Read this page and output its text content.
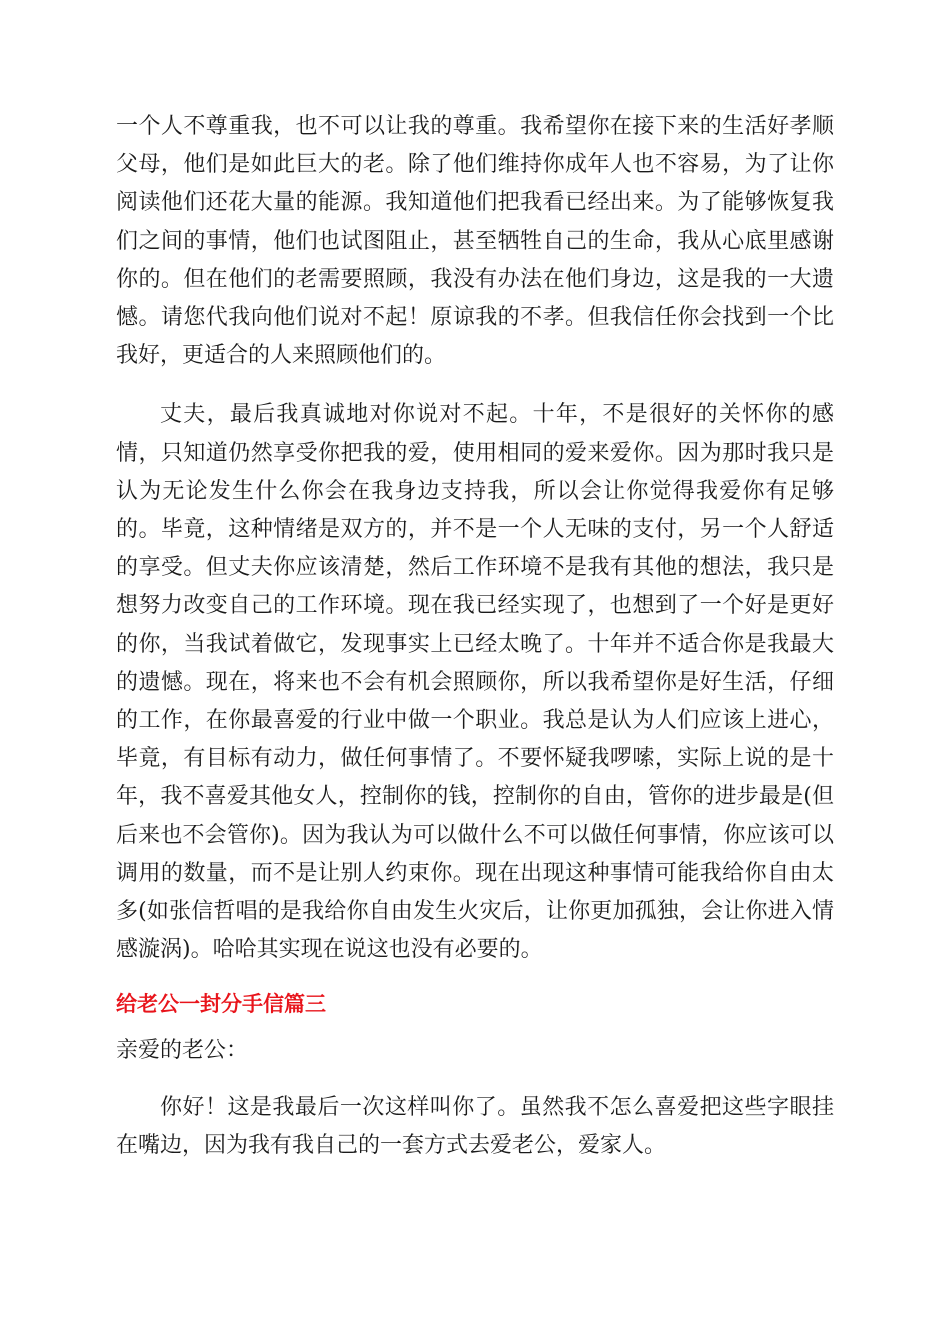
一个人不尊重我，也不可以让我的尊重。我希望你在接下来的生活好孝顺父母，他们是如此巨大的老。除了他们维持你成年人也不容易，为了让你阅读他们还花大量的能源。我知道他们把我看已经出来。为了能够恢复我们之间的事情，他们也试图阻止，甚至牺牲自己的生命，我从心底里感谢你的。但在他们的老需要照顾，我没有办法在他们身边，这是我的一大遗憾。请您代我向他们说对不起！原谅我的不孝。但我信任你会找到一个比我好，更适合的人来照顾他们的。

丈夫，最后我真诚地对你说对不起。十年，不是很好的关怀你的感情，只知道仍然享受你把我的爱，使用相同的爱来爱你。因为那时我只是认为无论发生什么你会在我身边支持我，所以会让你觉得我爱你有足够的。毕竟，这种情绪是双方的，并不是一个人无味的支付，另一个人舒适的享受。但丈夫你应该清楚，然后工作环境不是我有其他的想法，我只是想努力改变自己的工作环境。现在我已经实现了，也想到了一个好是更好的你，当我试着做它，发现事实上已经太晚了。十年并不适合你是我最大的遗憾。现在，将来也不会有机会照顾你，所以我希望你是好生活，仔细的工作，在你最喜爱的行业中做一个职业。我总是认为人们应该上进心，毕竟，有目标有动力，做任何事情了。不要怀疑我啰嗦，实际上说的是十年，我不喜爱其他女人，控制你的钱，控制你的自由，管你的进步最是(但后来也不会管你)。因为我认为可以做什么不可以做任何事情，你应该可以调用的数量，而不是让别人约束你。现在出现这种事情可能我给你自由太多(如张信哲唱的是我给你自由发生火灾后，让你更加孤独，会让你进入情感漩涡)。哈哈其实现在说这也没有必要的。

给老公一封分手信篇三

亲爱的老公：

你好！这是我最后一次这样叫你了。虽然我不怎么喜爱把这些字眼挂在嘴边，因为我有我自己的一套方式去爱老公，爱家人。
